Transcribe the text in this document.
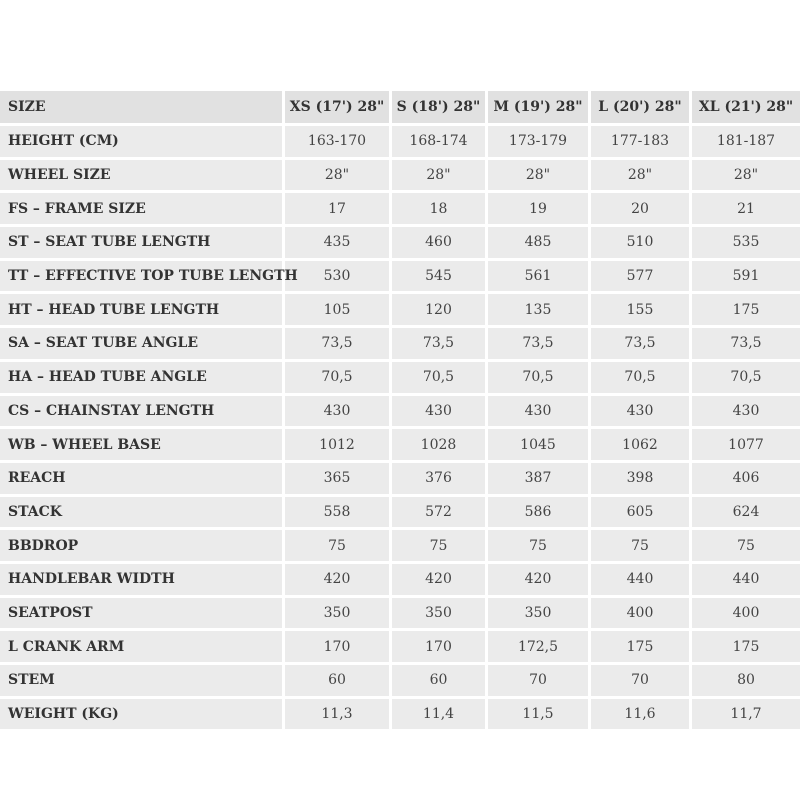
SIZE	XS (17') 28"	S (18') 28"	M (19') 28"	L (20') 28"	XL (21') 28"
HEIGHT (CM)	163-170	168-174	173-179	177-183	181-187
WHEEL SIZE	28"	28"	28"	28"	28"
FS – FRAME SIZE	17	18	19	20	21
ST – SEAT TUBE LENGTH	435	460	485	510	535
TT – EFFECTIVE TOP TUBE LENGTH	530	545	561	577	591
HT – HEAD TUBE LENGTH	105	120	135	155	175
SA – SEAT TUBE ANGLE	73,5	73,5	73,5	73,5	73,5
HA – HEAD TUBE ANGLE	70,5	70,5	70,5	70,5	70,5
CS – CHAINSTAY LENGTH	430	430	430	430	430
WB – WHEEL BASE	1012	1028	1045	1062	1077
REACH	365	376	387	398	406
STACK	558	572	586	605	624
BBDROP	75	75	75	75	75
HANDLEBAR WIDTH	420	420	420	440	440
SEATPOST	350	350	350	400	400
L CRANK ARM	170	170	172,5	175	175
STEM	60	60	70	70	80
WEIGHT (KG)	11,3	11,4	11,5	11,6	11,7
